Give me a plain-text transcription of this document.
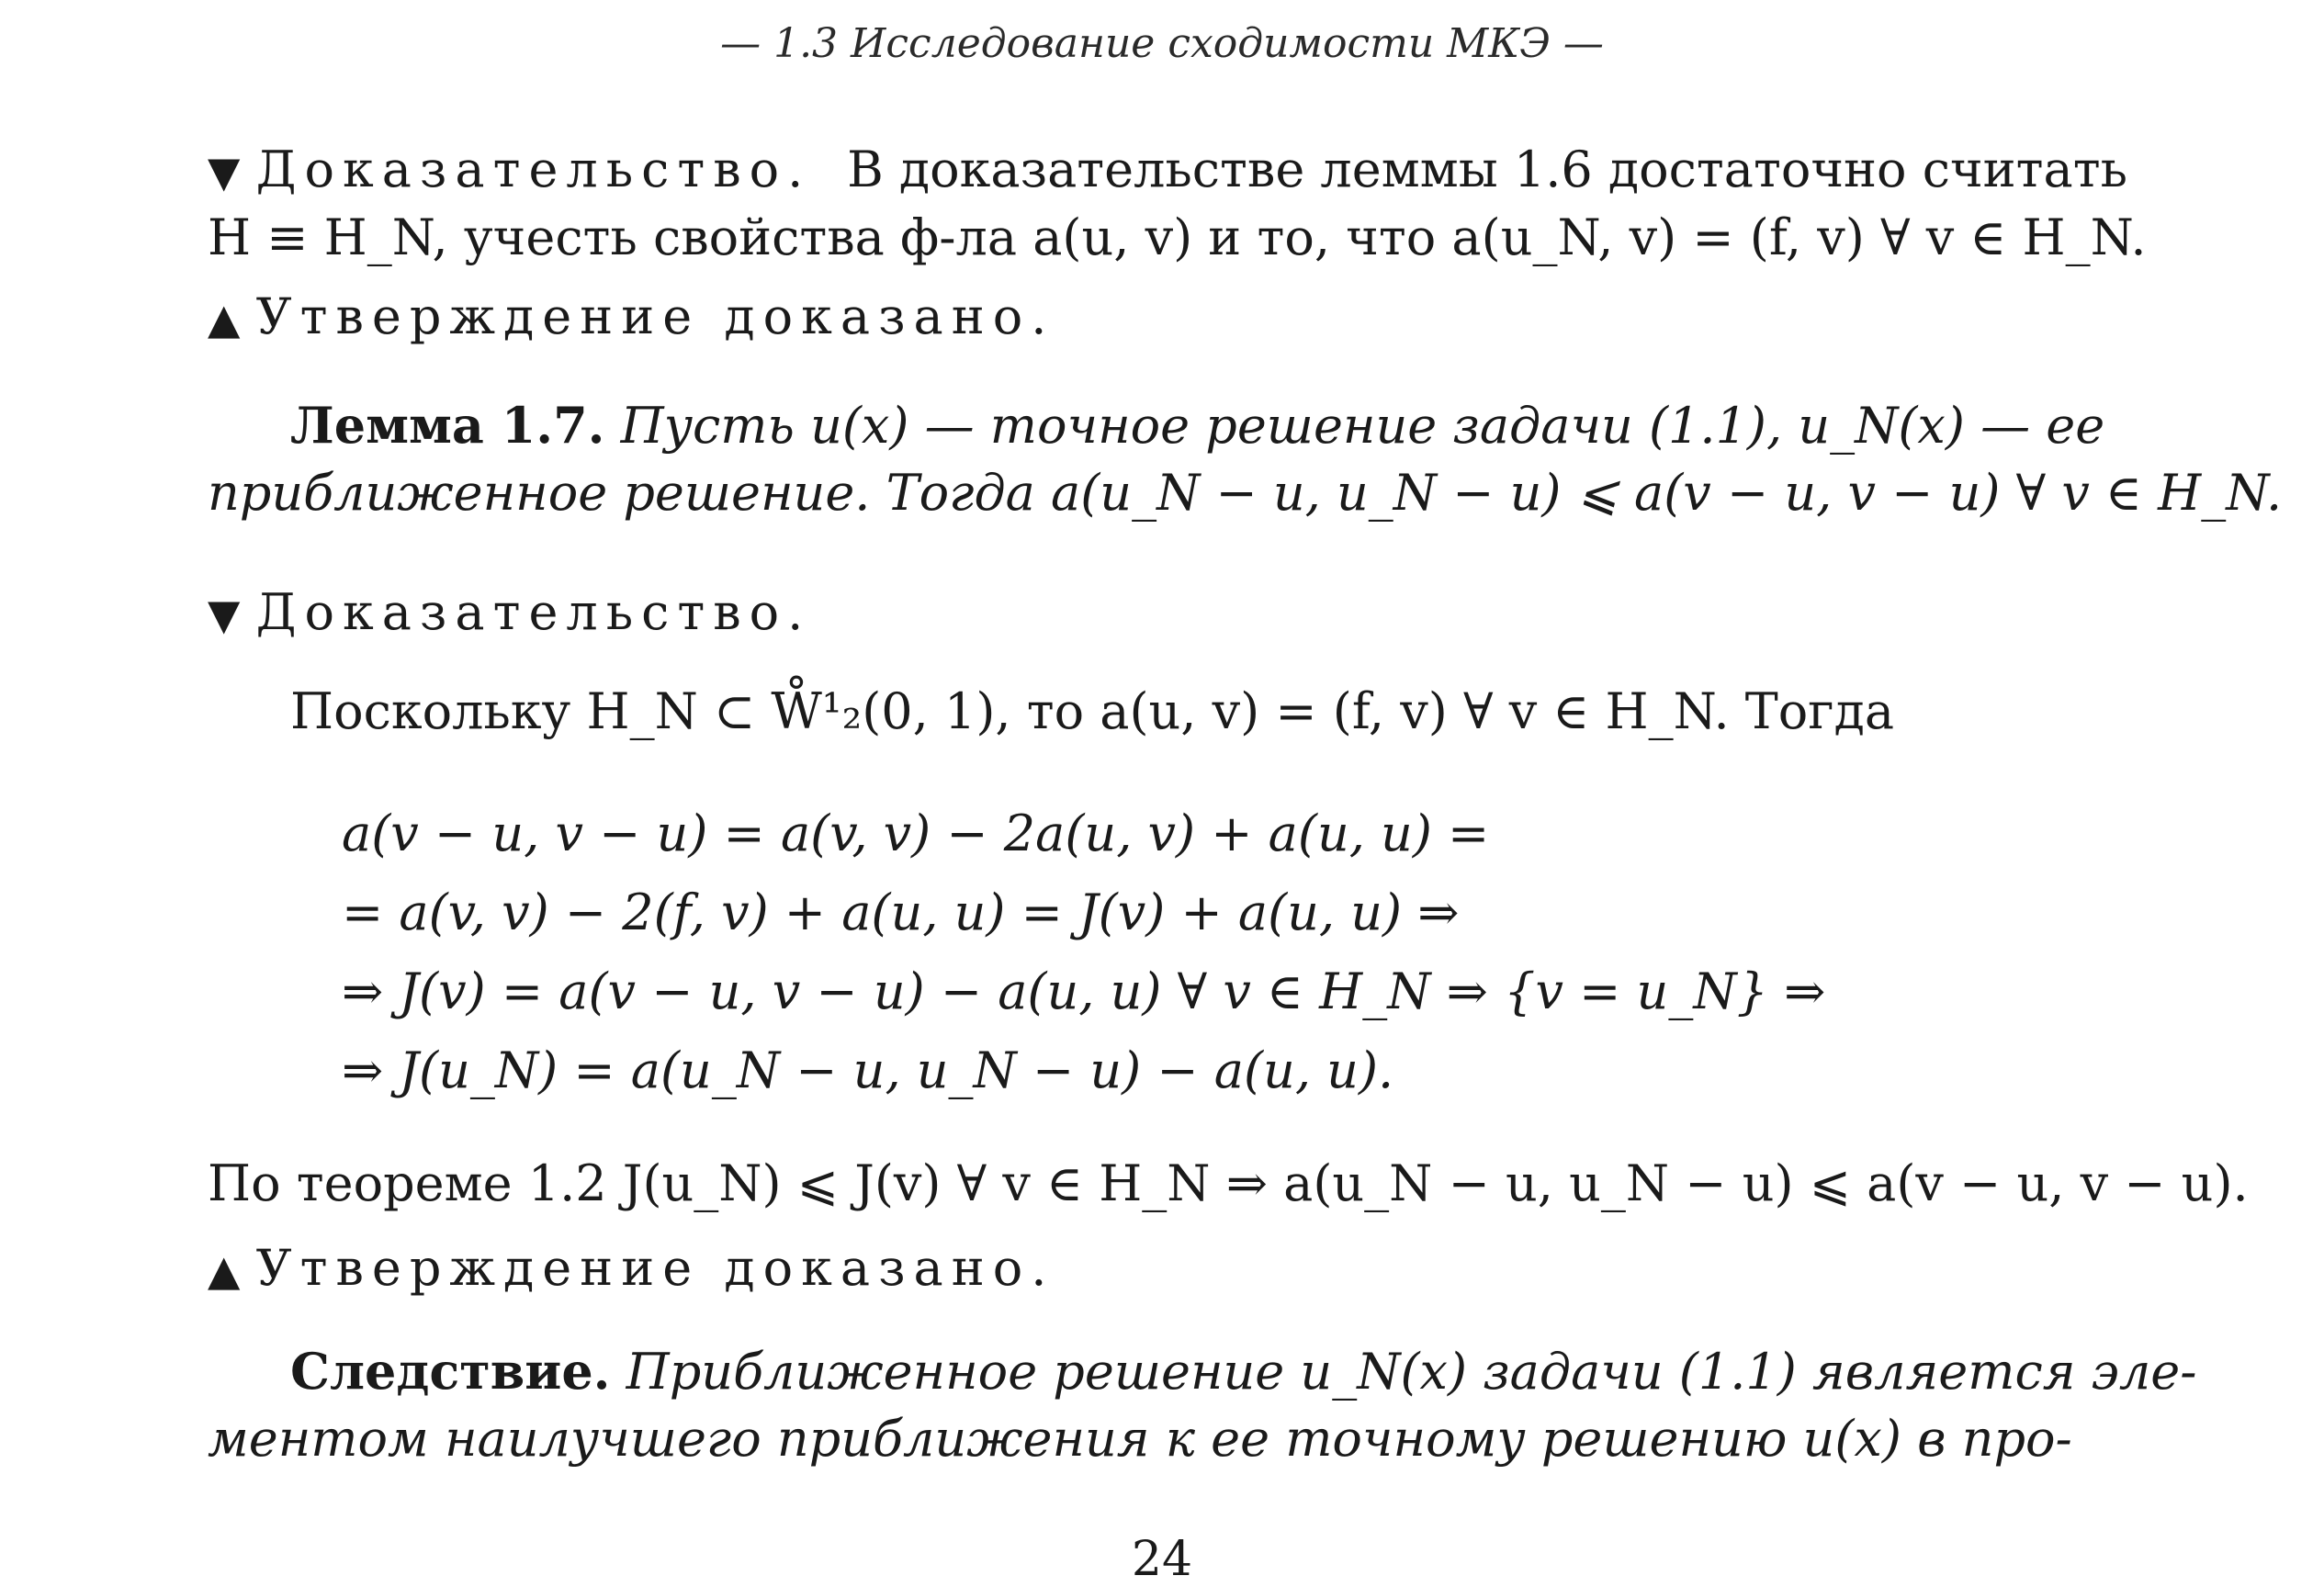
— 1.3 Исследование сходимости МКЭ —
▼ Доказательство. В доказательстве леммы 1.6 достаточно считать
H ≡ H_N, учесть свойства ф-ла a(u, v) и то, что a(u_N, v) = (f, v) ∀ v ∈ H_N.
▲ Утверждение доказано.
Лемма 1.7. Пусть u(x) — точное решение задачи (1.1), u_N(x) — ее
приближенное решение. Тогда a(u_N − u, u_N − u) ⩽ a(v − u, v − u) ∀ v ∈ H_N.
▼ Доказательство.
Поскольку H_N ⊂ W̊¹₂(0, 1), то a(u, v) = (f, v) ∀ v ∈ H_N. Тогда
a(v − u, v − u) = a(v, v) − 2a(u, v) + a(u, u) =
= a(v, v) − 2(f, v) + a(u, u) = J(v) + a(u, u) ⇒
⇒ J(v) = a(v − u, v − u) − a(u, u) ∀ v ∈ H_N ⇒ {v = u_N} ⇒
⇒ J(u_N) = a(u_N − u, u_N − u) − a(u, u).
По теореме 1.2 J(u_N) ⩽ J(v) ∀ v ∈ H_N ⇒ a(u_N − u, u_N − u) ⩽ a(v − u, v − u).
▲ Утверждение доказано.
Следствие. Приближенное решение u_N(x) задачи (1.1) является эле-
ментом наилучшего приближения к ее точному решению u(x) в про-
24
